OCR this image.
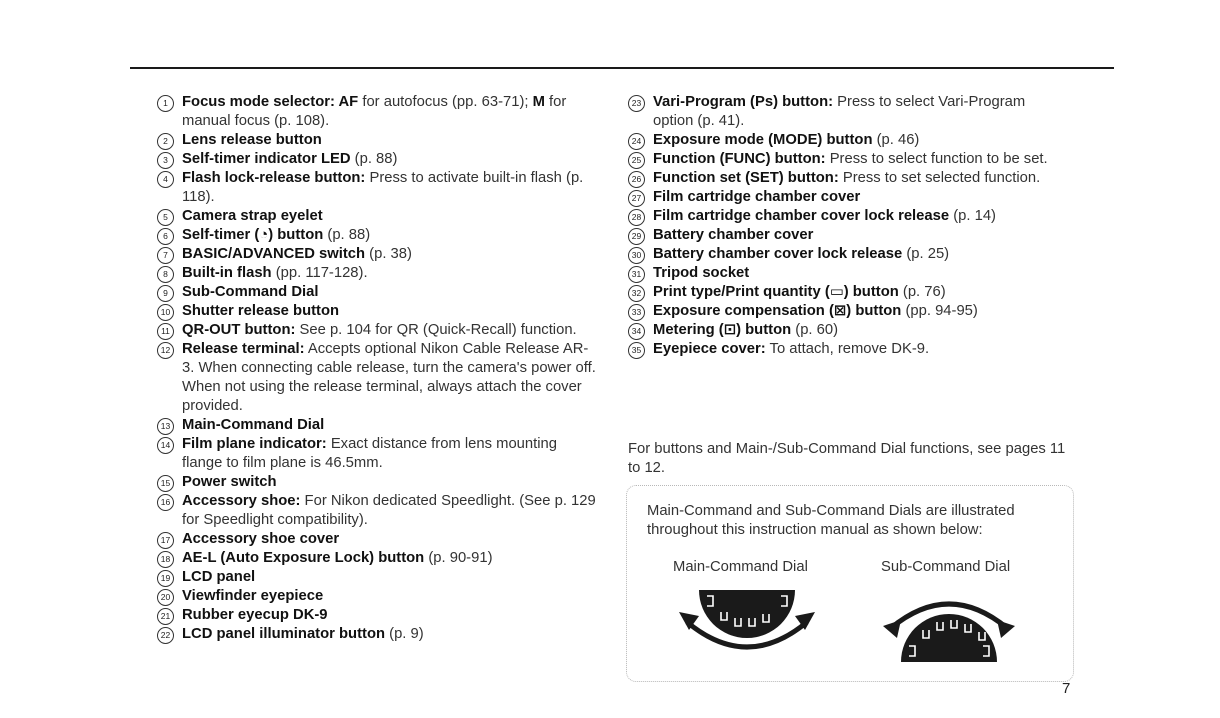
1 Focus mode selector: AF for autofocus (pp. 63-71); M for manual focus (p. 108).
2 Lens release button
3 Self-timer indicator LED (p. 88)
4 Flash lock-release button: Press to activate built-in flash (p. 118).
5 Camera strap eyelet
6 Self-timer (◔) button (p. 88)
7 BASIC/ADVANCED switch (p. 38)
8 Built-in flash (pp. 117-128).
9 Sub-Command Dial
10 Shutter release button
11 QR-OUT button: See p. 104 for QR (Quick-Recall) function.
12 Release terminal: Accepts optional Nikon Cable Release AR-3. When connecting cable release, turn the camera's power off. When not using the release terminal, always attach the cover provided.
13 Main-Command Dial
14 Film plane indicator: Exact distance from lens mounting flange to film plane is 46.5mm.
15 Power switch
16 Accessory shoe: For Nikon dedicated Speedlight. (See p. 129 for Speedlight compatibility).
17 Accessory shoe cover
18 AE-L (Auto Exposure Lock) button (p. 90-91)
19 LCD panel
20 Viewfinder eyepiece
21 Rubber eyecup DK-9
22 LCD panel illuminator button (p. 9)
23 Vari-Program (Ps) button: Press to select Vari-Program option (p. 41).
24 Exposure mode (MODE) button (p. 46)
25 Function (FUNC) button: Press to select function to be set.
26 Function set (SET) button: Press to set selected function.
27 Film cartridge chamber cover
28 Film cartridge chamber cover lock release (p. 14)
29 Battery chamber cover
30 Battery chamber cover lock release (p. 25)
31 Tripod socket
32 Print type/Print quantity (▭) button (p. 76)
33 Exposure compensation (⊠) button (pp. 94-95)
34 Metering (⊡) button (p. 60)
35 Eyepiece cover: To attach, remove DK-9.
For buttons and Main-/Sub-Command Dial functions, see pages 11 to 12.
Main-Command and Sub-Command Dials are illustrated throughout this instruction manual as shown below:
Main-Command Dial	Sub-Command Dial
7
